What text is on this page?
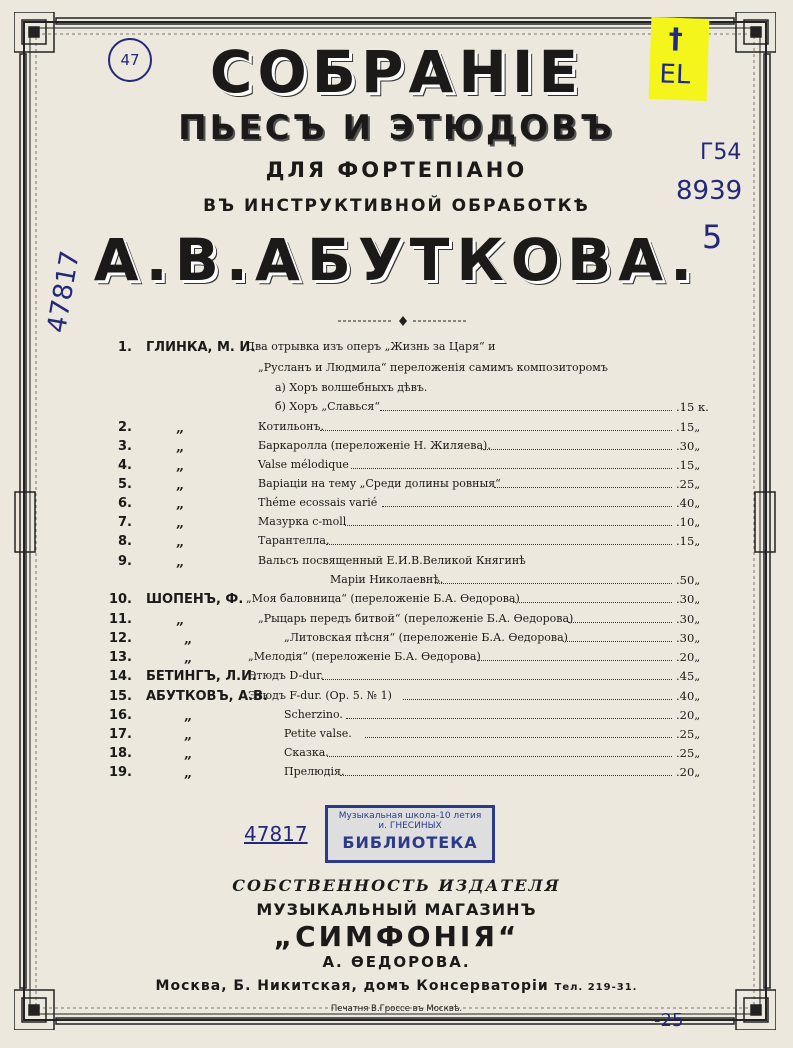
†
EL
47
Г54
8939
5
47817
47817
-25
СОБРАНІЕ
ПЬЕСЪ И ЭТЮДОВЪ
ДЛЯ ФОРТЕПІАНО
ВЪ ИНСТРУКТИВНОЙ ОБРАБОТКѢ
А.В.АБУТКОВА.
1. ГЛИНКА, М. И.
Два отрывка изъ оперъ „Жизнь за Царя“ и
„Русланъ и Людмила“ переложенiя самимъ композиторомъ
а) Хоръ волшебныхъ дѣвъ.
б) Хоръ „Славься“	.15 к.
2.	„	Котильонъ.	.15„
3.	„	Баркаролла (переложеніе Н. Жиляева).	.30„
4.	„	Valse mélodique	.15„
5.	„	Варіаціи на тему „Среди долины ровныя“	.25„
6.	„	Théme ecossais varié	.40„
7.	„	Мазурка c-moll	.10„
8.	„	Тарантелла.	.15„
9.	„	Вальсъ посвященный Е.И.В.Великой Княгинѣ
Маріи Николаевнѣ.	.50„
10. ШОПЕНЪ, Ф. „Моя баловница“ (переложеніе Б.А. Өедорова)	.30„
11.	„	„Рыцарь передъ битвой“ (переложеніе Б.А. Өедорова)	.30„
12.	„	„Литовская пѣсня“ (переложеніе Б.А. Өедорова)	.30„
13.	„	„Мелодія“ (переложеніе Б.А. Өедорова)	.20„
14. БЕТИНГЪ, Л.И.
Этюдъ D-dur.	.45„
15. АБУТКОВЪ, А.В.
Этюдъ F-dur. (Op. 5. № 1)	.40„
16.	„	Scherzino.	.20„
17.	„	Petite valse.	.25„
18.	„	Сказка.	.25„
19.	„	Прелюдія.	.20„
Музыкальная школа-10 летия
и. ГНЕСИНЫХ
БИБЛИОТЕКА
СОБСТВЕННОСТЬ ИЗДАТЕЛЯ
МУЗЫКАЛЬНЫЙ МАГАЗИНЪ
„СИМФОНІЯ“
А. ӨЕДОРОВА.
Москва, Б. Никитская, домъ Консерваторіи Тел. 219-31.
Печатня В.Гроссе въ Москвѣ.
